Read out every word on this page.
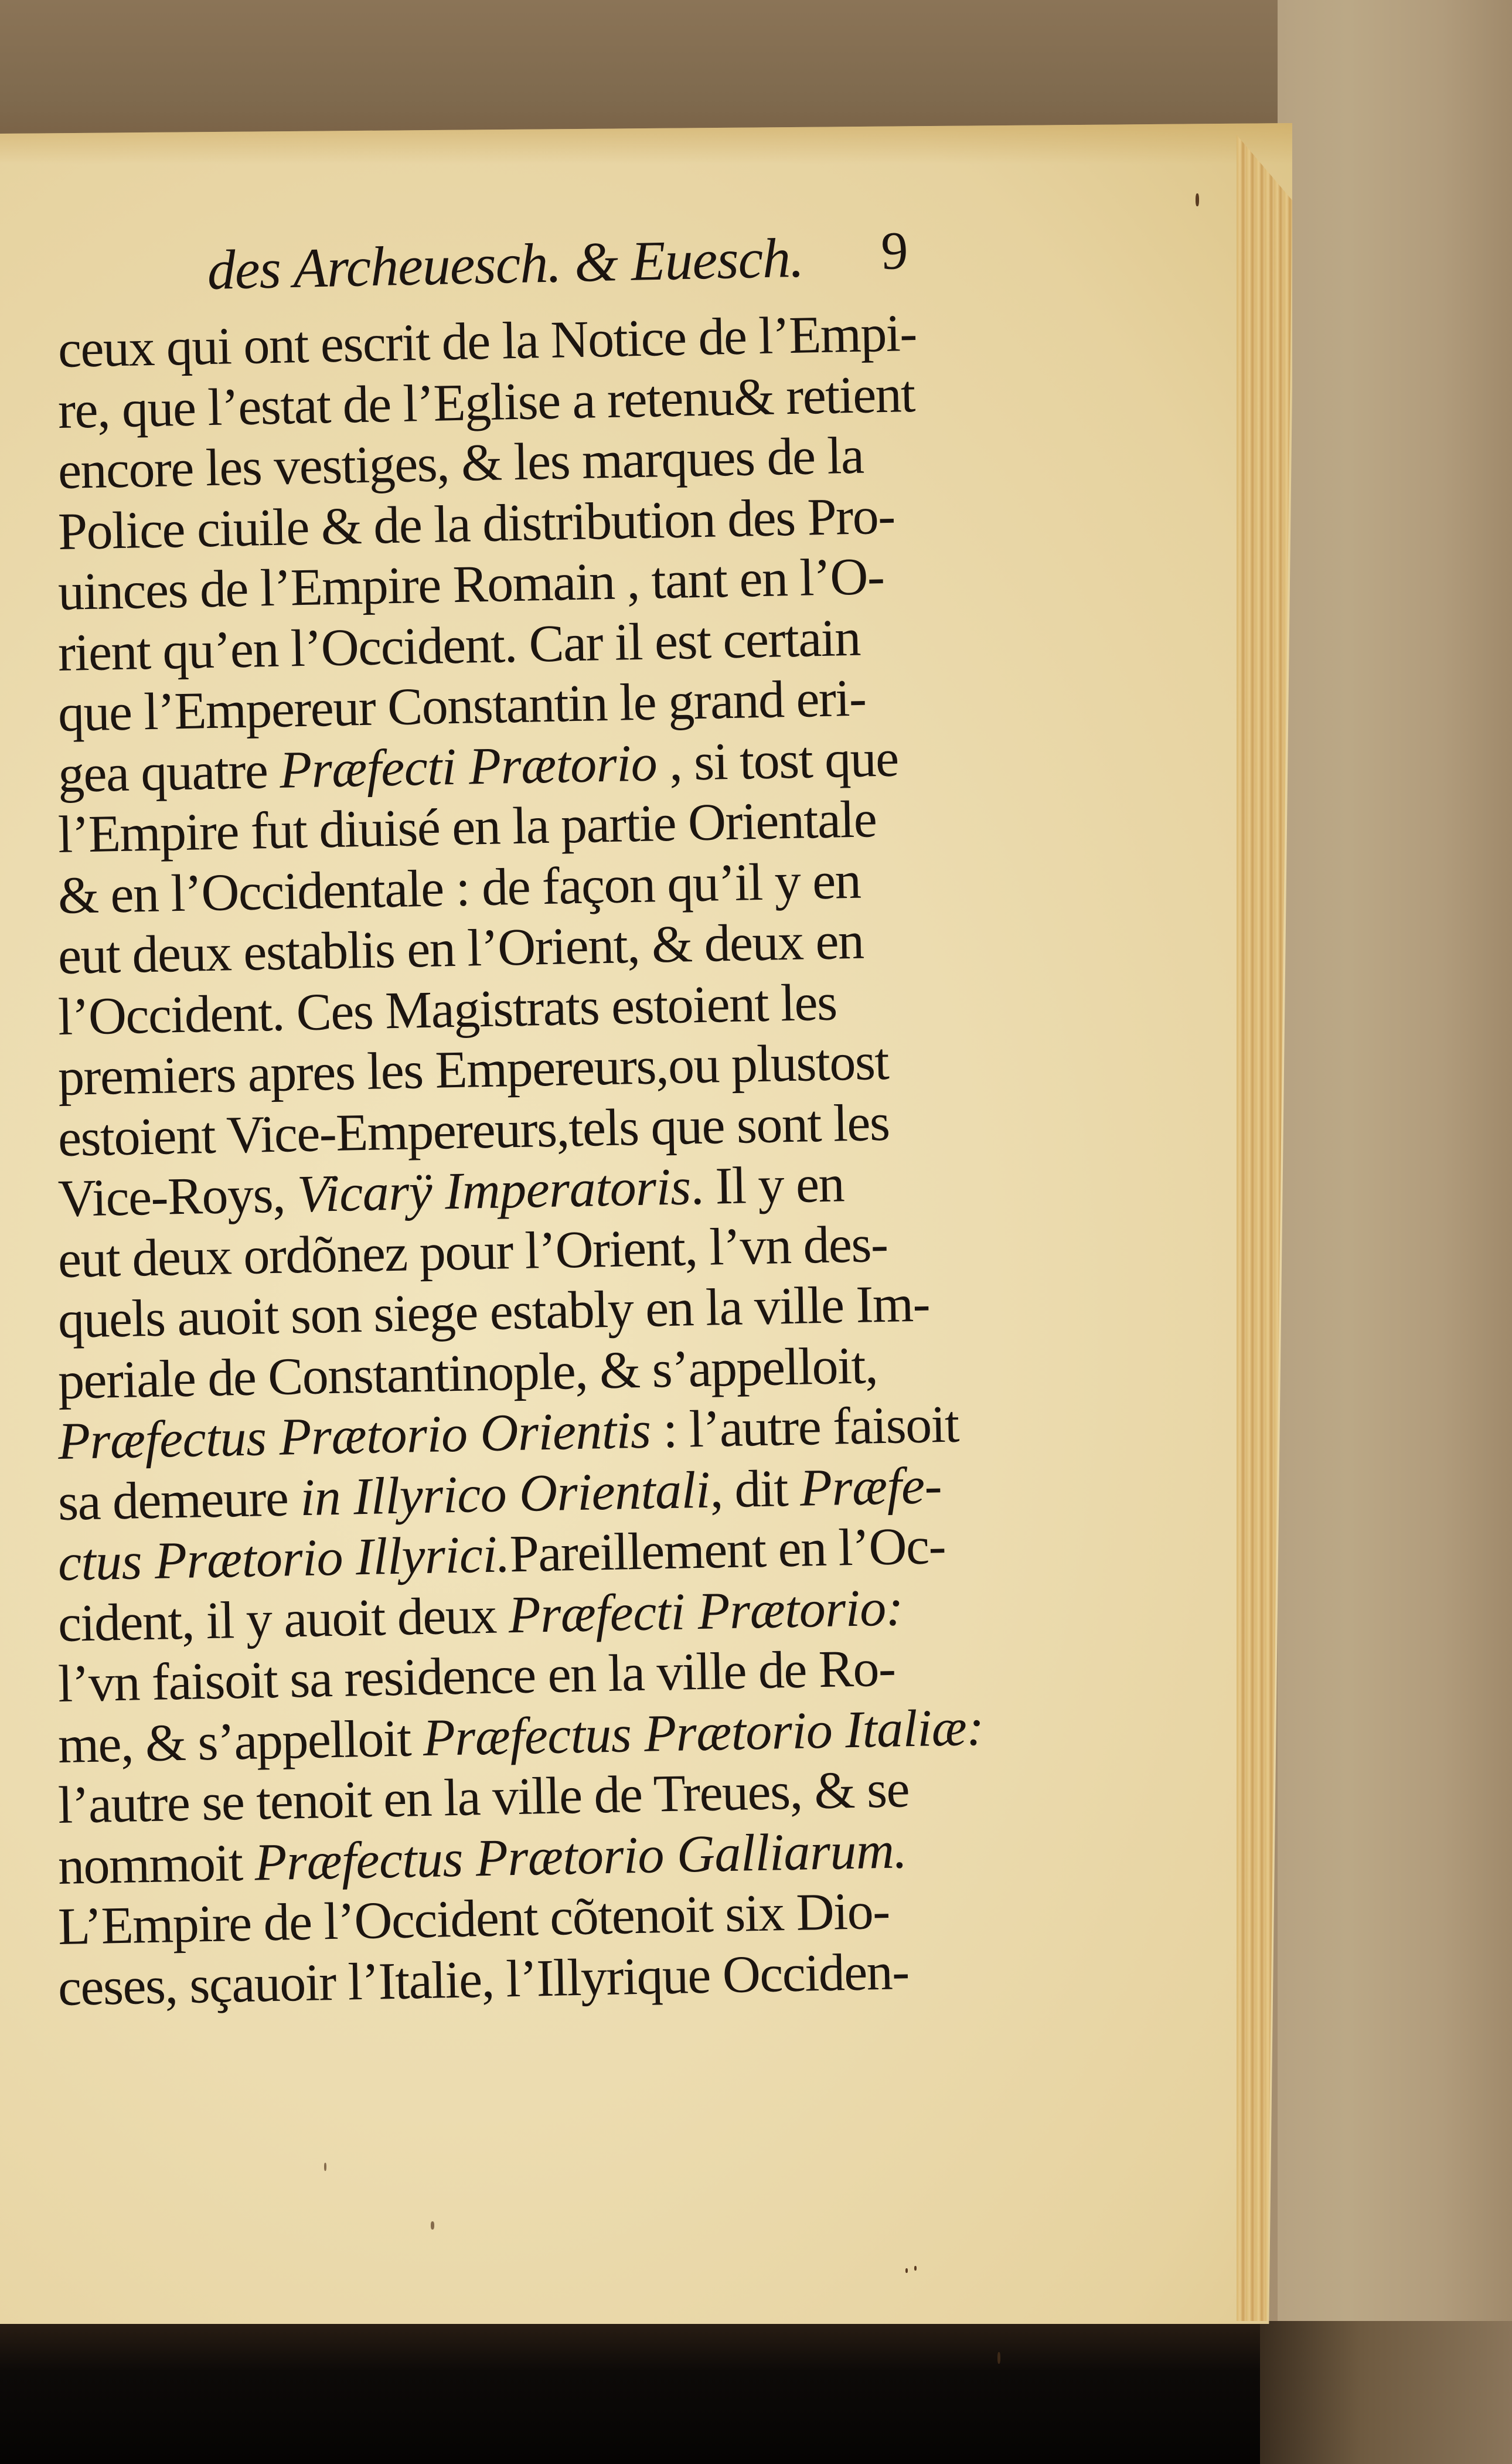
des Archeuesch. & Euesch. 9
ceux qui ont escrit de la Notice de l’Empi-
re, que l’estat de l’Eglise a retenu& retient
encore les vestiges, & les marques de la
Police ciuile & de la distribution des Pro-
uinces de l’Empire Romain , tant en l’O-
rient qu’en l’Occident. Car il est certain
que l’Empereur Constantin le grand eri-
gea quatre Præfecti Prætorio , si tost que
l’Empire fut diuisé en la partie Orientale
& en l’Occidentale : de façon qu’il y en
eut deux establis en l’Orient, & deux en
l’Occident. Ces Magistrats estoient les
premiers apres les Empereurs,ou plustost
estoient Vice-Empereurs,tels que sont les
Vice-Roys, Vicarÿ Imperatoris. Il y en
eut deux ordõnez pour l’Orient, l’vn des-
quels auoit son siege estably en la ville Im-
periale de Constantinople, & s’appelloit,
Præfectus Prætorio Orientis : l’autre faisoit
sa demeure in Illyrico Orientali, dit Præfe-
ctus Prætorio Illyrici.Pareillement en l’Oc-
cident, il y auoit deux Præfecti Prætorio:
l’vn faisoit sa residence en la ville de Ro-
me, & s’appelloit Præfectus Prætorio Italiæ:
l’autre se tenoit en la ville de Treues, & se
nommoit Præfectus Prætorio Galliarum.
L’Empire de l’Occident cõtenoit six Dio-
ceses, sçauoir l’Italie, l’Illyrique Occiden-
